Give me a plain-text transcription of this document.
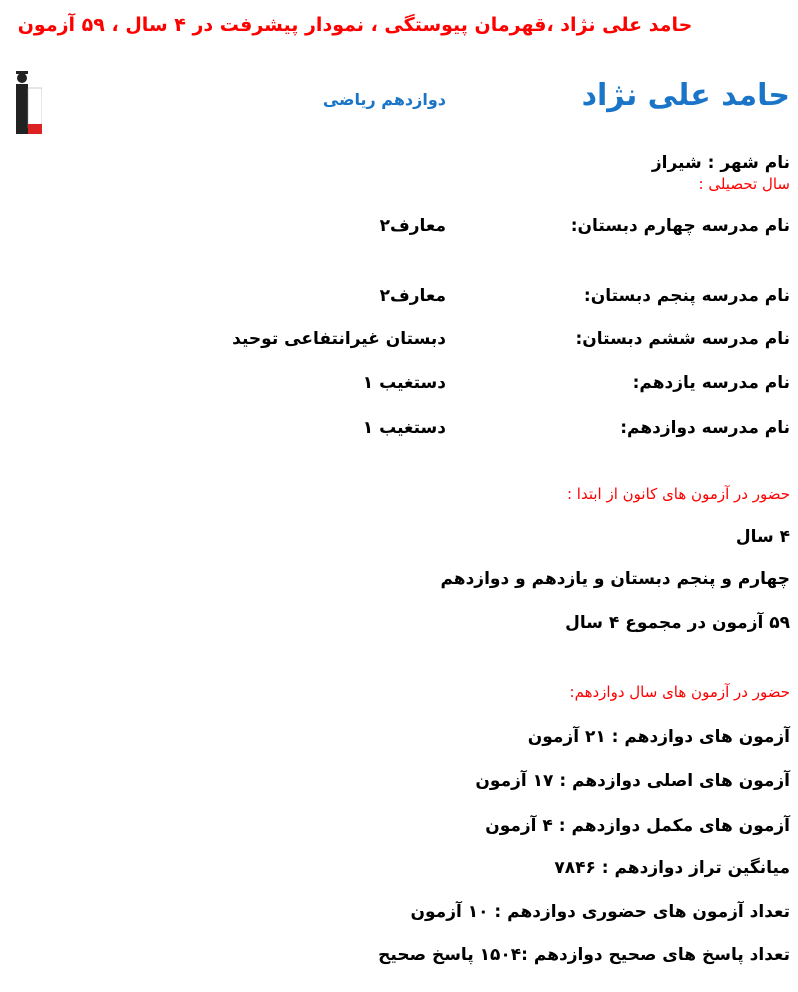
حامد علی نژاد ،قهرمان پیوستگی ، نمودار پیشرفت در ۴ سال ، ۵۹ آزمون
حامد علی نژاد
دوازدهم ریاضی
نام شهر : شیراز
سال تحصیلی :
نام مدرسه چهارم دبستان:
معارف۲
نام مدرسه پنجم دبستان:
معارف۲
نام مدرسه ششم دبستان:
دبستان غیرانتفاعی توحید
نام مدرسه یازدهم:
دستغیب ۱
نام مدرسه دوازدهم:
دستغیب ۱
حضور در آزمون های کانون از ابتدا :
۴ سال
چهارم و پنجم دبستان و یازدهم و دوازدهم
۵۹ آزمون در مجموع ۴ سال
حضور در آزمون های سال دوازدهم:
آزمون های دوازدهم : ۲۱ آزمون
آزمون های اصلی دوازدهم : ۱۷ آزمون
آزمون های مکمل دوازدهم : ۴ آزمون
میانگین تراز دوازدهم : ۷۸۴۶
تعداد آزمون های حضوری دوازدهم : ۱۰ آزمون
تعداد پاسخ های صحیح دوازدهم :۱۵۰۴ پاسخ صحیح
